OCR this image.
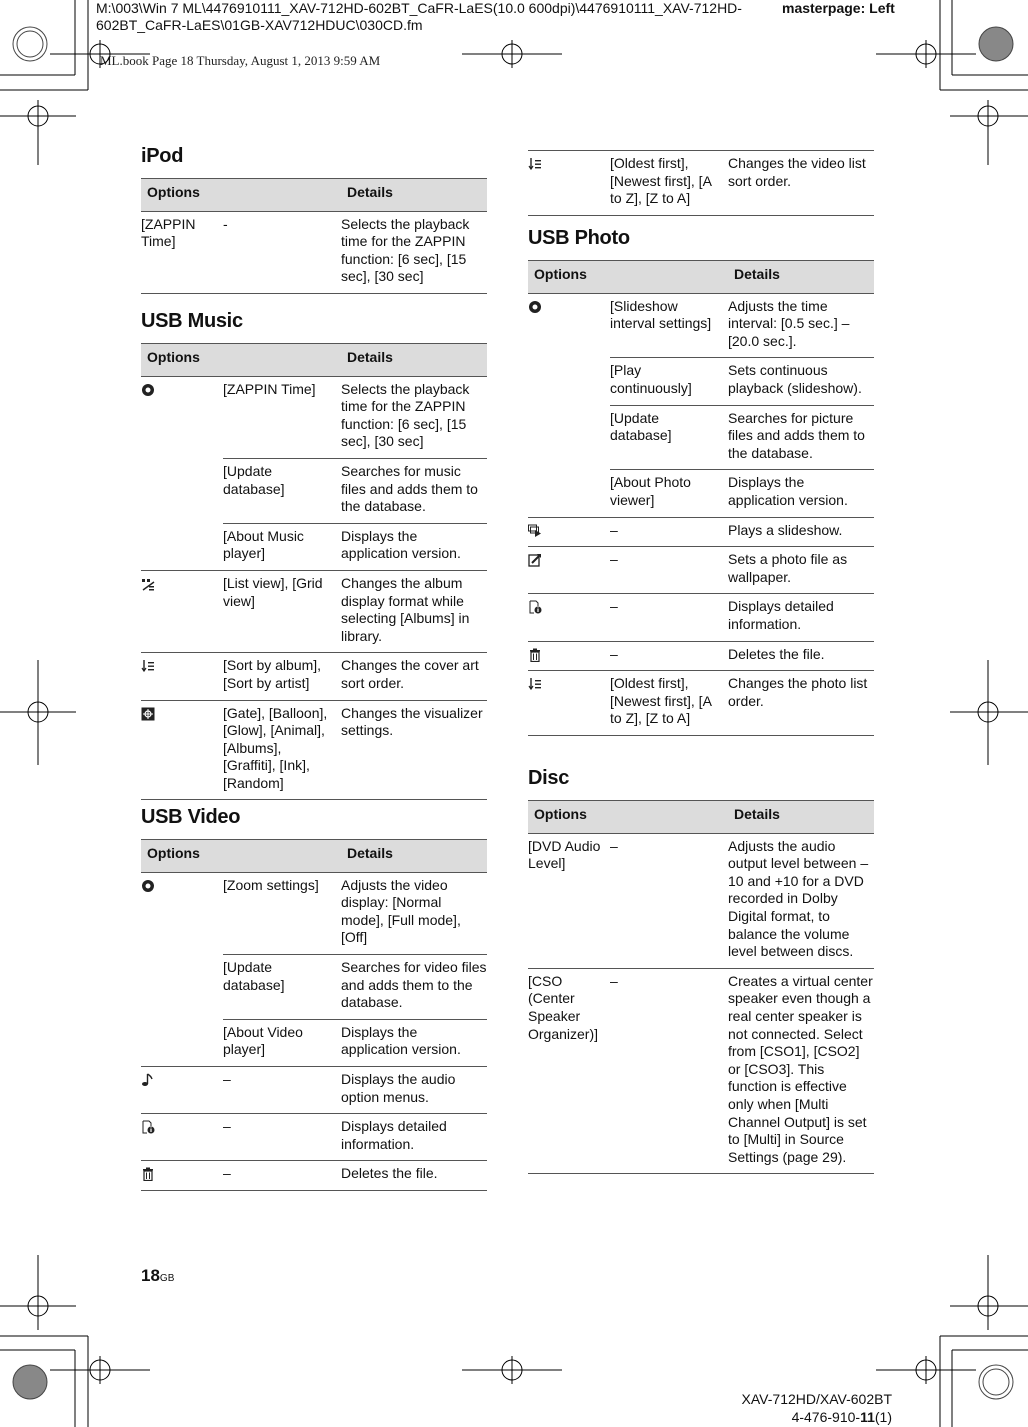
M:\003\Win 7 ML\4476910111_XAV-712HD-602BT_CaFR-LaES(10.0 600dpi)\4476910111_XAV-712HD-602BT_CaFR-LaES\01GB-XAV712HDUC\030CD.fm
masterpage: Left
ML.book Page 18 Thursday, August 1, 2013 9:59 AM
iPod
Options		Details
[ZAPPIN Time]	-	Selects the playback time for the ZAPPIN function: [6 sec], [15 sec], [30 sec]
USB Music
Options		Details
	[ZAPPIN Time]	Selects the playback time for the ZAPPIN function: [6 sec], [15 sec], [30 sec]
	[Update database]	Searches for music files and adds them to the database.
	[About Music player]	Displays the application version.
	[List view], [Grid view]	Changes the album display format while selecting [Albums] in library.
	[Sort by album], [Sort by artist]	Changes the cover art sort order.
	[Gate], [Balloon], [Glow], [Animal], [Albums], [Graffiti], [Ink], [Random]	Changes the visualizer settings.
USB Video
Options		Details
	[Zoom settings]	Adjusts the video display: [Normal mode], [Full mode], [Off]
	[Update database]	Searches for video files and adds them to the database.
	[About Video player]	Displays the application version.
	–	Displays the audio option menus.
	–	Displays detailed information.
	–	Deletes the file.
	[Oldest first], [Newest first], [A to Z], [Z to A]	Changes the video list sort order.
USB Photo
Options		Details
	[Slideshow interval settings]	Adjusts the time interval: [0.5 sec.] – [20.0 sec.].
	[Play continuously]	Sets continuous playback (slideshow).
	[Update database]	Searches for picture files and adds them to the database.
	[About Photo viewer]	Displays the application version.
	–	Plays a slideshow.
	–	Sets a photo file as wallpaper.
	–	Displays detailed information.
	–	Deletes the file.
	[Oldest first], [Newest first], [A to Z], [Z to A]	Changes the photo list order.
Disc
Options		Details
[DVD Audio Level]	–	Adjusts the audio output level between –10 and +10 for a DVD recorded in Dolby Digital format, to balance the volume level between discs.
[CSO (Center Speaker Organizer)]	–	Creates a virtual center speaker even though a real center speaker is not connected. Select from [CSO1], [CSO2] or [CSO3]. This function is effective only when [Multi Channel Output] is set to [Multi] in Source Settings (page 29).
18GB
XAV-712HD/XAV-602BT
4-476-910-11(1)
